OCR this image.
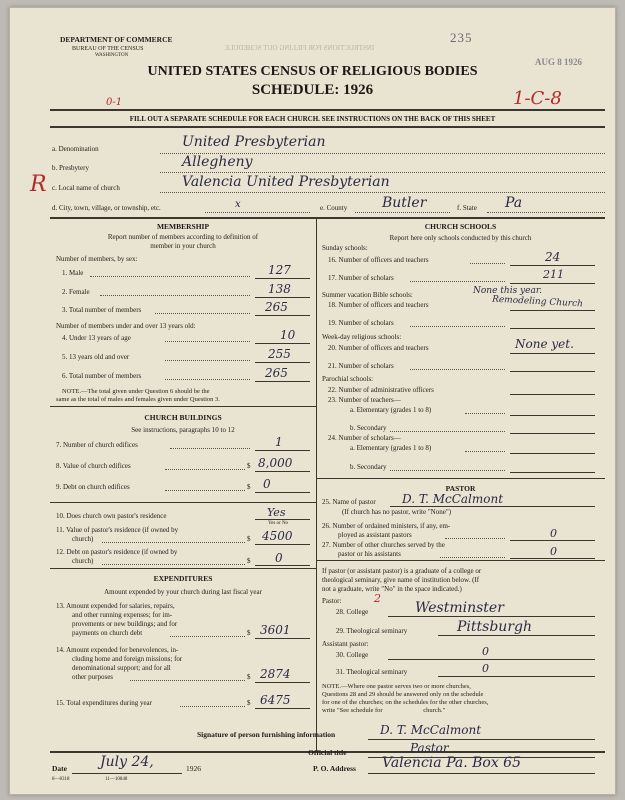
DEPARTMENT OF COMMERCE
BUREAU OF THE CENSUS
WASHINGTON
INSTRUCTIONS FOR FILLING OUT SCHEDULE
235
AUG 8 1926
UNITED STATES CENSUS OF RELIGIOUS BODIES
SCHEDULE: 1926
0-1	1-C-8
FILL OUT A SEPARATE SCHEDULE FOR EACH CHURCH. SEE INSTRUCTIONS ON THE BACK OF THIS SHEET
a. Denomination	United Presbyterian
b. Presbytery	Allegheny
R c. Local name of church	Valencia United Presbyterian
d. City, town, village, or township, etc.	x	e. County Butler	f. State Pa
MEMBERSHIP
Report number of members according to definition of
member in your church
Number of members, by sex:
1. Male	127
2. Female	138
3. Total number of members	265
Number of members under and over 13 years old:
4. Under 13 years of age	10
5. 13 years old and over	255
6. Total number of members	265
NOTE.—The total given under Question 6 should be the
same as the total of males and females given under Question 3.
CHURCH BUILDINGS
See instructions, paragraphs 10 to 12
7. Number of church edifices	1
8. Value of church edifices	$ 8,000
9. Debt on church edifices	$ 0
10. Does church own pastor's residence	Yes
Yes or No
11. Value of pastor's residence (if owned by
church)	$ 4500
12. Debt on pastor's residence (if owned by
church)	$ 0
EXPENDITURES
Amount expended by your church during last fiscal year
13. Amount expended for salaries, repairs,
and other running expenses; for im-
provements or new buildings; and for
payments on church debt	$ 3601
14. Amount expended for benevolences, in-
cluding home and foreign missions; for
denominational support; and for all
other purposes	$ 2874
15. Total expenditures during year	$ 6475
CHURCH SCHOOLS
Report here only schools conducted by this church
Sunday schools:
16. Number of officers and teachers	24
17. Number of scholars	211
Summer vacation Bible schools:	None this year.
18. Number of officers and teachers	Remodeling Church
19. Number of scholars
Week-day religious schools:
20. Number of officers and teachers	None yet.
21. Number of scholars
Parochial schools:
22. Number of administrative officers
23. Number of teachers—
a. Elementary (grades 1 to 8)
b. Secondary
24. Number of scholars—
a. Elementary (grades 1 to 8)
b. Secondary
PASTOR
25. Name of pastor D. T. McCalmont
(If church has no pastor, write "None")
26. Number of ordained ministers, if any, em-
ployed as assistant pastors	0
27. Number of other churches served by the
pastor or his assistants	0
If pastor (or assistant pastor) is a graduate of a college or
theological seminary, give name of institution below. (If
not a graduate, write "No" in the space indicated.)
Pastor:	2
28. College	Westminster
29. Theological seminary	Pittsburgh
Assistant pastor:
30. College	0
31. Theological seminary	0
NOTE.—Where one pastor serves two or more churches,
Questions 28 and 29 should be answered only on the schedule
for one of the churches; on the schedules for the other churches,
write "See schedule for                         church."
Signature of person furnishing information	D. T. McCalmont
Official title	Pastor
Date July 24,	1926	P. O. Address Valencia Pa. Box 65
8—8318	11—10848
